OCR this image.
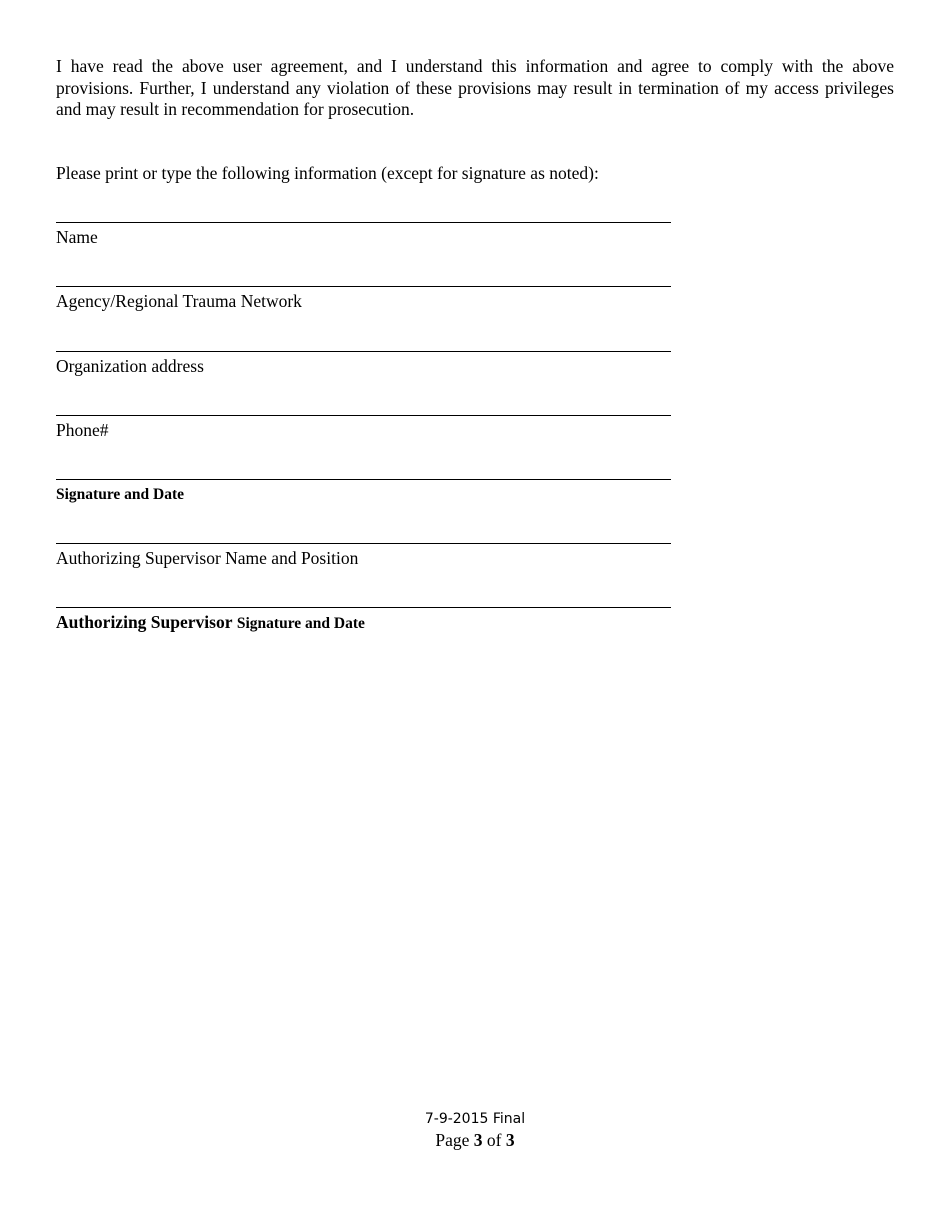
I have read the above user agreement, and I understand this information and agree to comply with the above provisions. Further, I understand any violation of these provisions may result in termination of my access privileges and may result in recommendation for prosecution.

Please print or type the following information (except for signature as noted):

Name
Agency/Regional Trauma Network
Organization address
Phone#
Signature and Date
Authorizing Supervisor Name and Position
Authorizing Supervisor Signature and Date
7-9-2015 Final
Page 3 of 3
